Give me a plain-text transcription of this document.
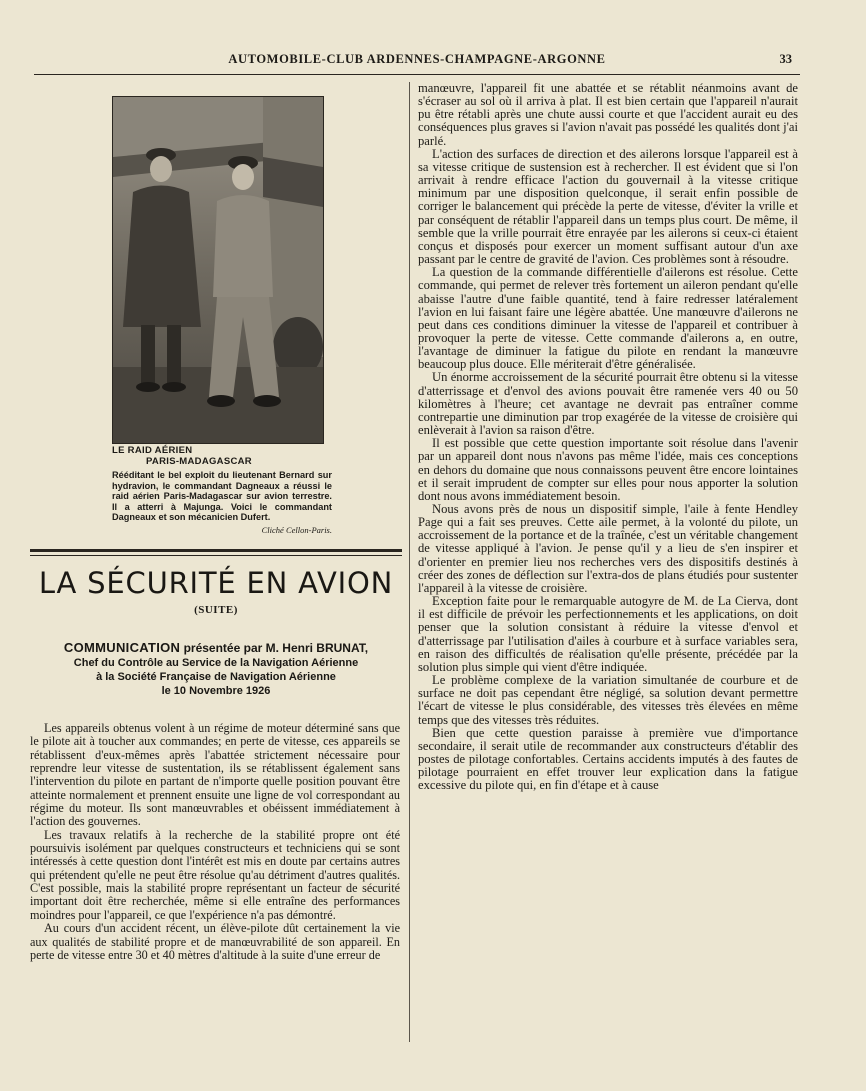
AUTOMOBILE-CLUB ARDENNES-CHAMPAGNE-ARGONNE	33
LE RAID AÉRIEN
PARIS-MADAGASCAR
Rééditant le bel exploit du lieutenant Bernard sur hydravion, le commandant Dagneaux a réussi le raid aérien Paris-Madagascar sur avion terrestre. Il a atterri à Majunga. Voici le commandant Dagneaux et son mécanicien Dufert.
Cliché Cellon-Paris.
LA SÉCURITÉ EN AVION
(SUITE)
COMMUNICATION présentée par M. Henri BRUNAT,
Chef du Contrôle au Service de la Navigation Aérienne
à la Société Française de Navigation Aérienne
le 10 Novembre 1926

Les appareils obtenus volent à un régime de moteur déterminé sans que le pilote ait à toucher aux commandes; en perte de vitesse, ces appareils se rétablissent d'eux-mêmes après l'abattée strictement nécessaire pour reprendre leur vitesse de sustentation, ils se rétablissent également sans l'intervention du pilote en partant de n'importe quelle position pouvant être atteinte normalement et prennent ensuite une ligne de vol correspondant au régime du moteur. Ils sont manœuvrables et obéissent immédiatement à l'action des gouvernes.

Les travaux relatifs à la recherche de la stabilité propre ont été poursuivis isolément par quelques constructeurs et techniciens qui se sont intéressés à cette question dont l'intérêt est mis en doute par certains autres qui prétendent qu'elle ne peut être résolue qu'au détriment d'autres qualités. C'est possible, mais la stabilité propre représentant un facteur de sécurité important doit être recherchée, même si elle entraîne des performances moindres pour l'appareil, ce que l'expérience n'a pas démontré.

Au cours d'un accident récent, un élève-pilote dût certainement la vie aux qualités de stabilité propre et de manœuvrabilité de son appareil. En perte de vitesse entre 30 et 40 mètres d'altitude à la suite d'une erreur de

manœuvre, l'appareil fit une abattée et se rétablit néanmoins avant de s'écraser au sol où il arriva à plat. Il est bien certain que l'appareil n'aurait pu être rétabli après une chute aussi courte et que l'accident aurait eu des conséquences plus graves si l'avion n'avait pas possédé les qualités dont j'ai parlé.

L'action des surfaces de direction et des ailerons lorsque l'appareil est à sa vitesse critique de sustension est à rechercher. Il est évident que si l'on arrivait à rendre efficace l'action du gouvernail à la vitesse critique minimum par une disposition quelconque, il serait enfin possible de corriger le balancement qui précède la perte de vitesse, d'éviter la vrille et par conséquent de rétablir l'appareil dans un temps plus court. De même, il semble que la vrille pourrait être enrayée par les ailerons si ceux-ci étaient conçus et disposés pour exercer un moment suffisant autour d'un axe passant par le centre de gravité de l'avion. Ces problèmes sont à résoudre.

La question de la commande différentielle d'ailerons est résolue. Cette commande, qui permet de relever très fortement un aileron pendant qu'elle abaisse l'autre d'une faible quantité, tend à faire redresser latéralement l'avion en lui faisant faire une légère abattée. Une manœuvre d'ailerons ne peut dans ces conditions diminuer la vitesse de l'appareil et contribuer à provoquer la perte de vitesse. Cette commande d'ailerons a, en outre, l'avantage de diminuer la fatigue du pilote en rendant la manœuvre beaucoup plus douce. Elle mériterait d'être généralisée.

Un énorme accroissement de la sécurité pourrait être obtenu si la vitesse d'atterrissage et d'envol des avions pouvait être ramenée vers 40 ou 50 kilomètres à l'heure; cet avantage ne devrait pas entraîner comme contrepartie une diminution par trop exagérée de la vitesse de croisière qui enlèverait à l'avion sa raison d'être.

Il est possible que cette question importante soit résolue dans l'avenir par un appareil dont nous n'avons pas même l'idée, mais ces conceptions en dehors du domaine que nous connaissons peuvent être encore lointaines et il serait imprudent de compter sur elles pour nous apporter la solution dont nous avons immédiatement besoin.

Nous avons près de nous un dispositif simple, l'aile à fente Hendley Page qui a fait ses preuves. Cette aile permet, à la volonté du pilote, un accroissement de la portance et de la traînée, c'est un véritable changement de vitesse appliqué à l'avion. Je pense qu'il y a lieu de s'en inspirer et d'orienter en premier lieu nos recherches vers des dispositifs destinés à créer des zones de déflection sur l'extra-dos de plans étudiés pour sustenter l'appareil à la vitesse de croisière.

Exception faite pour le remarquable autogyre de M. de La Cierva, dont il est difficile de prévoir les perfectionnements et les applications, on doit penser que la solution consistant à réduire la vitesse d'envol et d'atterrissage par l'utilisation d'ailes à courbure et à surface variables sera, en raison des difficultés de réalisation qu'elle présente, précédée par la solution plus simple qui vient d'être indiquée.

Le problème complexe de la variation simultanée de courbure et de surface ne doit pas cependant être négligé, sa solution devant permettre l'écart de vitesse le plus considérable, des vitesses très élevées en même temps que des vitesses très réduites.

Bien que cette question paraisse à première vue d'importance secondaire, il serait utile de recommander aux constructeurs d'établir des postes de pilotage confortables. Certains accidents imputés à des fautes de pilotage pourraient en effet trouver leur explication dans la fatigue excessive du pilote qui, en fin d'étape et à cause
